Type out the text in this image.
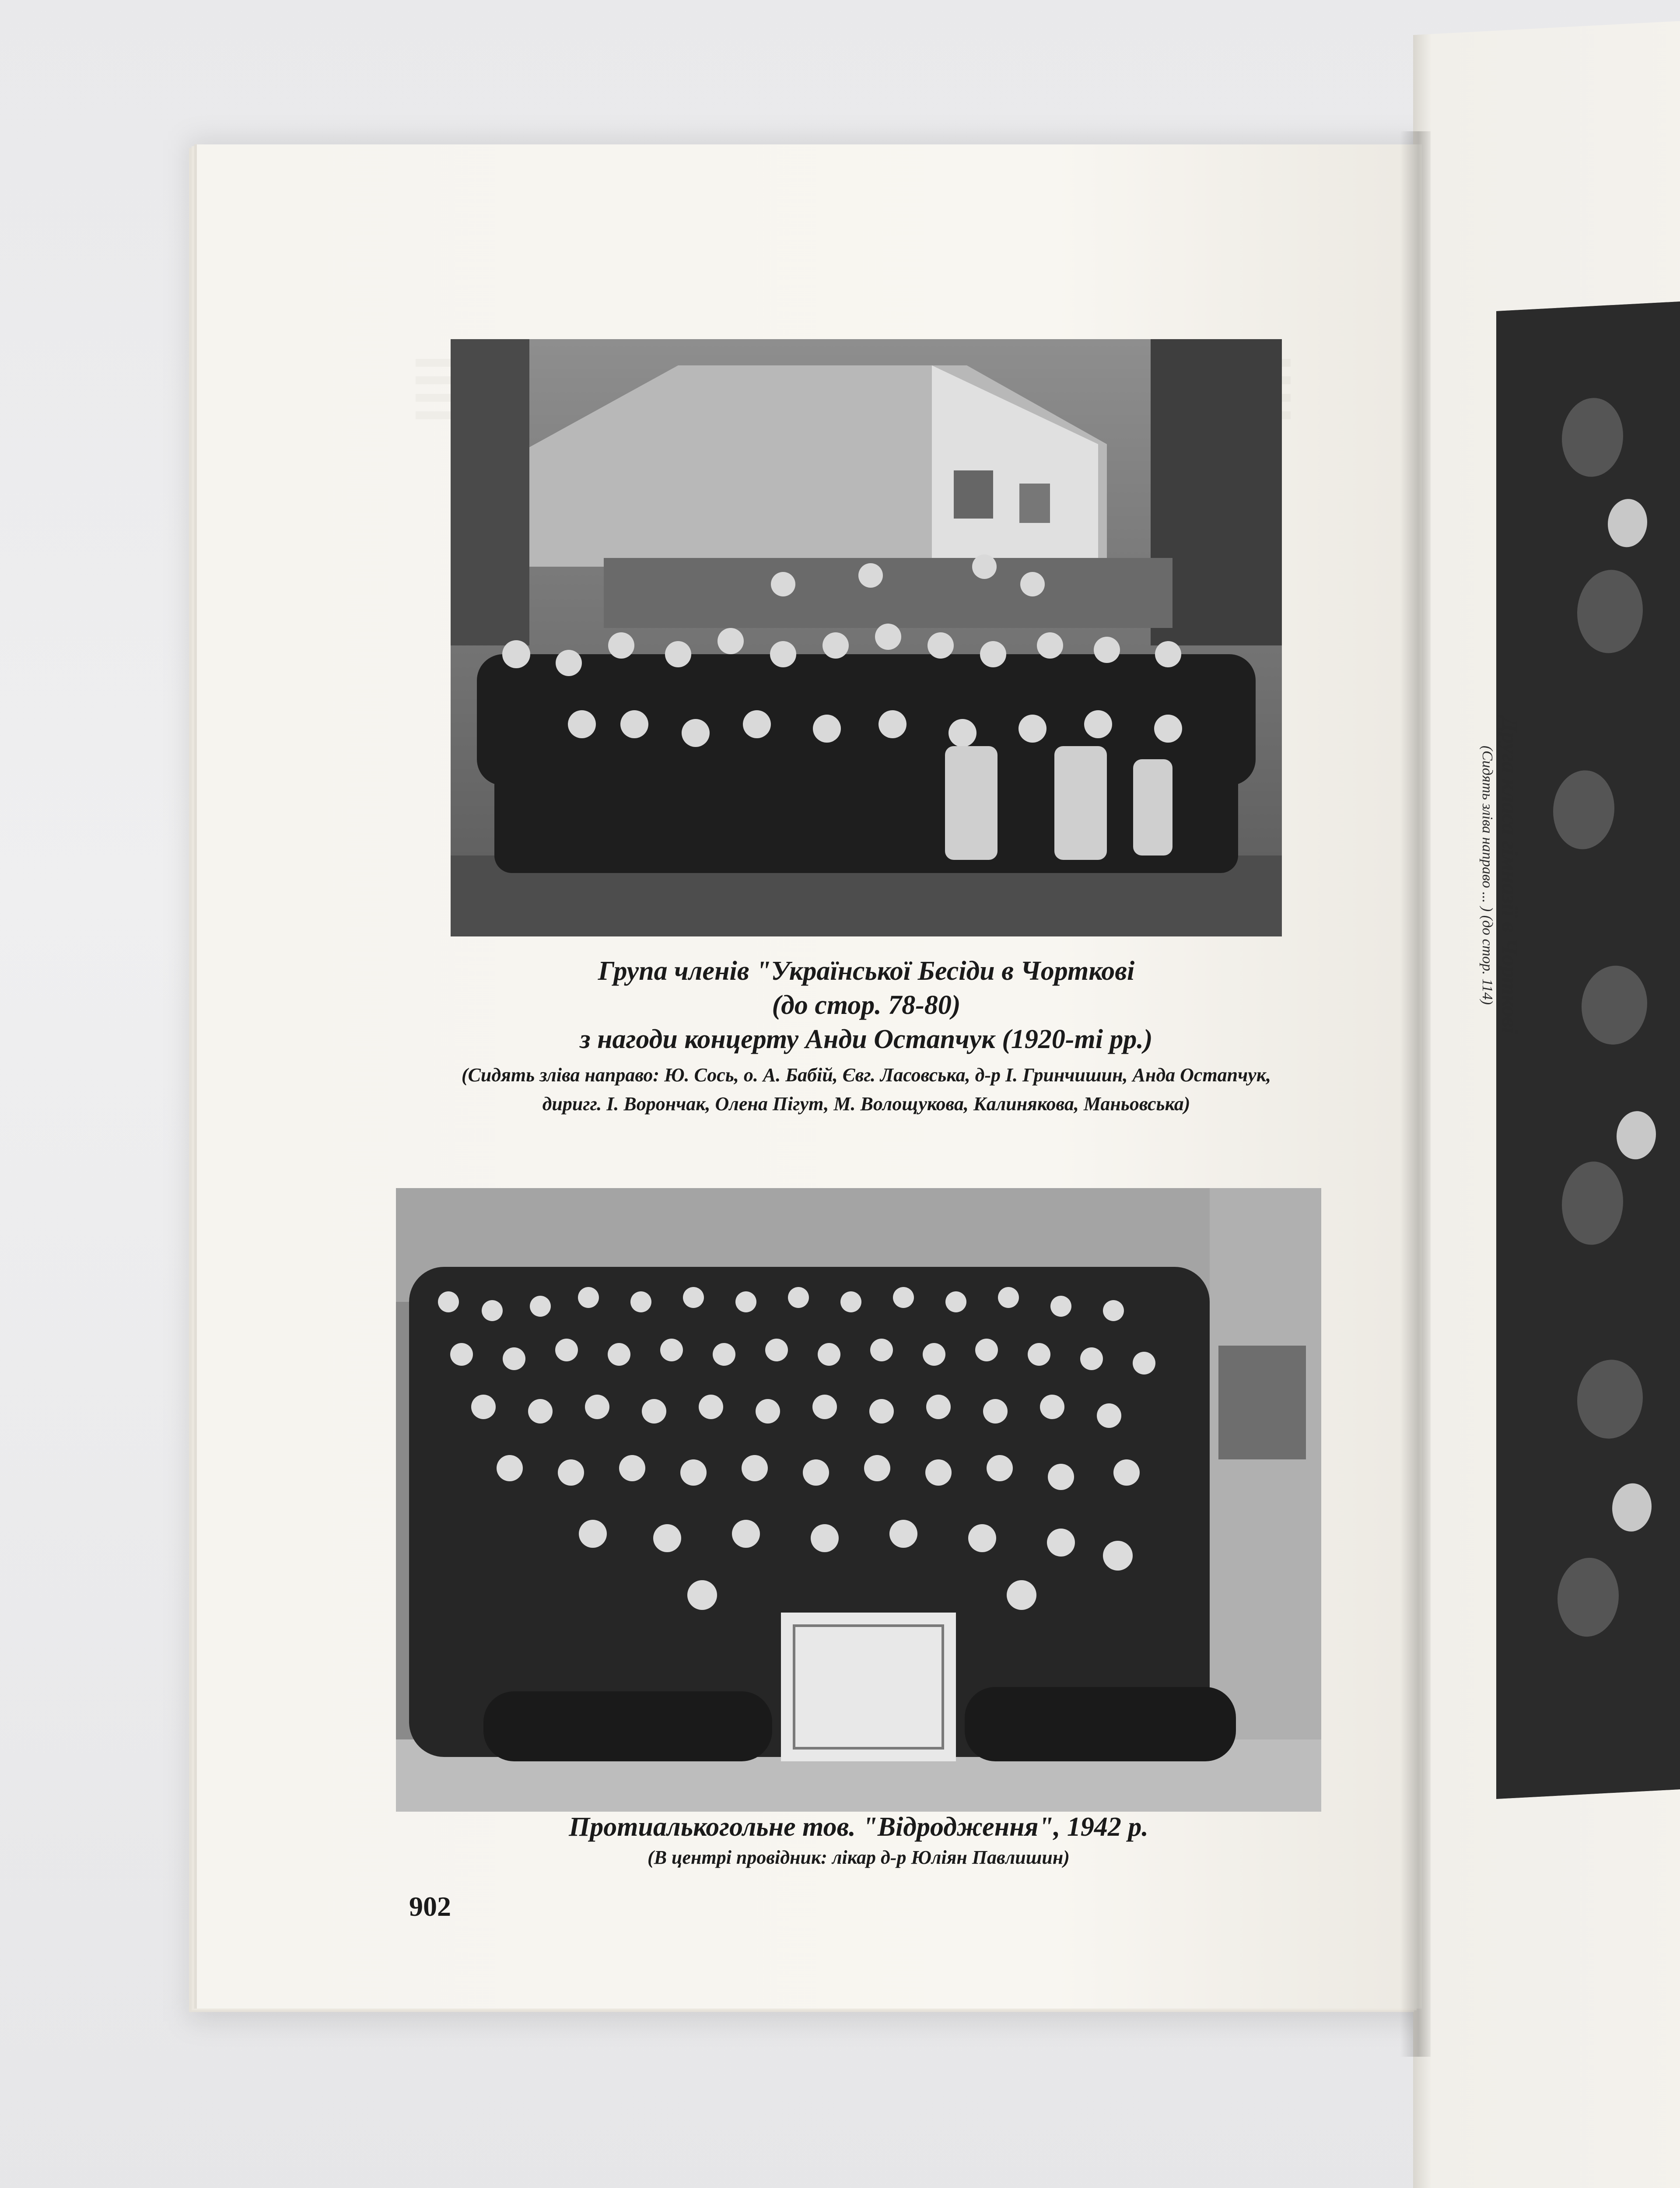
Друга класа гімназії в Чорткові
(Сидять зліва направо ... ) (до стор. 114)
Група членів "Української Бесіди в Чорткові
(до стор. 78-80)
з нагоди концерту Анди Остапчук (1920-ті рр.)
(Сидять зліва направо: Ю. Сось, о. А. Бабій, Євг. Ласовська, д-р І. Гринчишин, Анда Остапчук, диригг. І. Ворончак, Олена Пігут, М. Волощукова, Калинякова, Маньовська)
Протиалькогольне тов. "Відродження", 1942 р.
(В центрі провідник: лікар д-р Юліян Павлишин)
902
